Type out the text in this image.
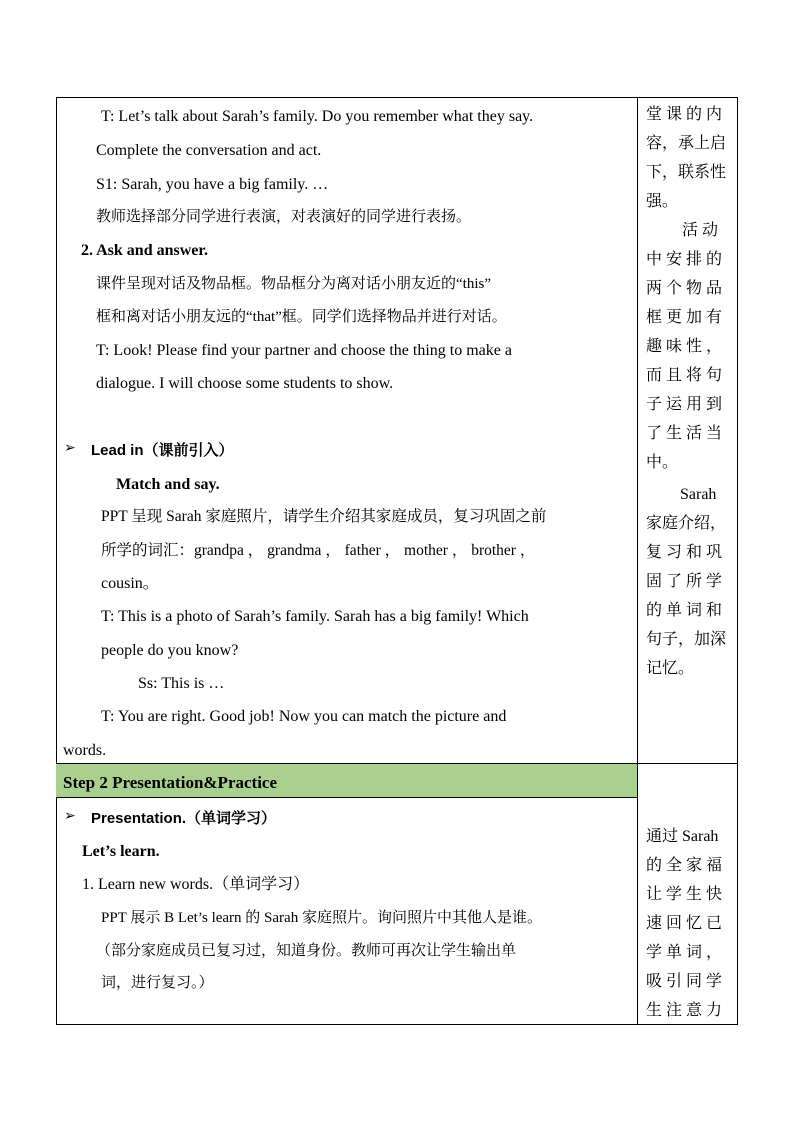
T: Let’s talk about Sarah’s family. Do you remember what they say.
Complete the conversation and act.
S1: Sarah, you have a big family. …
教师选择部分同学进行表演，对表演好的同学进行表扬。
2. Ask and answer.
课件呈现对话及物品框。物品框分为离对话小朋友近的“this”
框和离对话小朋友远的“that”框。同学们选择物品并进行对话。
T: Look! Please find your partner and choose the thing to make a
dialogue. I will choose some students to show.
➢ Lead in（课前引入）
Match and say.
PPT 呈现 Sarah 家庭照片，请学生介绍其家庭成员，复习巩固之前
所学的词汇：grandpa ， grandma ， father ， mother ， brother ，
cousin。
T: This is a photo of Sarah’s family. Sarah has a big family! Which
people do you know?
Ss: This is …
T: You are right. Good job! Now you can match the picture and
words.
Step 2 Presentation&Practice
➢ Presentation.（单词学习）
Let’s learn.
1. Learn new words.（单词学习）
PPT 展示 B Let’s learn 的 Sarah 家庭照片。询问照片中其他人是谁。
（部分家庭成员已复习过，知道身份。教师可再次让学生输出单
词，进行复习。）
堂 课 的 内
容，承上启
下，联系性
强。
活 动
中 安 排 的
两 个 物 品
框 更 加 有
趣 味 性 ，
而 且 将 句
子 运 用 到
了 生 活 当
中。
Sarah
家庭介绍，
复 习 和 巩
固 了 所 学
的 单 词 和
句子，加深
记忆。
通过 Sarah
的 全 家 福
让 学 生 快
速 回 忆 已
学 单 词 ，
吸 引 同 学
生 注 意 力
